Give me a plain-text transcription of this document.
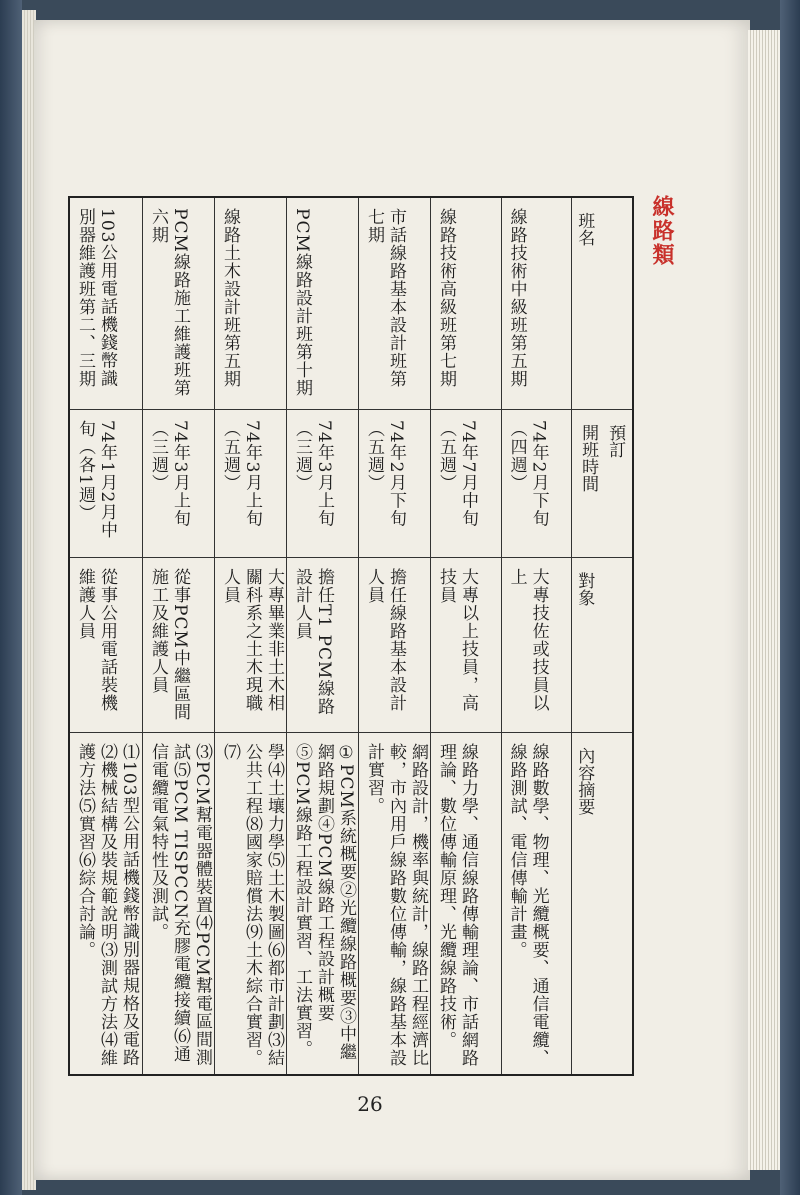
線路類
班名
預訂
開班時間
對象
內容摘要
線路技術中級班第五期
74年2月下旬（四週）
大專技佐或技員以上
線路數學、物理、光纜概要、通信電纜、線路測試、電信傳輸計畫。
線路技術高級班第七期
74年7月中旬（五週）
大專以上技員，高技員
線路力學、通信線路傳輸理論、市話網路理論、數位傳輸原理、光纜線路技術。
市話線路基本設計班第七期
74年2月下旬（五週）
擔任線路基本設計人員
網路設計，機率與統計，線路工程經濟比較，市內用戶線路數位傳輸，線路基本設計實習。
PCM線路設計班第十期
74年3月上旬（三週）
擔任T1 PCM線路設計人員
①PCM系統概要②光纜線路概要③中繼網路規劃④PCM線路工程設計概要⑤PCM線路工程設計實習、工法實習。
線路土木設計班第五期
74年3月上旬（五週）
大專畢業非土木相關科系之土木現職人員
學⑷土壤力學⑸土木製圖⑹都市計劃⑶結公共工程⑻國家賠償法⑼土木綜合實習。⑺
PCM線路施工維護班第六期
74年3月上旬（三週）
從事PCM中繼區間施工及維護人員
⑶PCM幫電器體裝置⑷PCM幫電區間測試⑸PCM TISPCCN充膠電纜接續⑹通信電纜電氣特性及測試。
103公用電話機錢幣識別器維護班第二、三期
74年1月2月中旬（各1週）
從事公用電話裝機維護人員
⑴103型公用話機錢幣識別器規格及電路⑵機械結構及裝規範說明⑶測試方法⑷維護方法⑸實習⑹綜合討論。
26
